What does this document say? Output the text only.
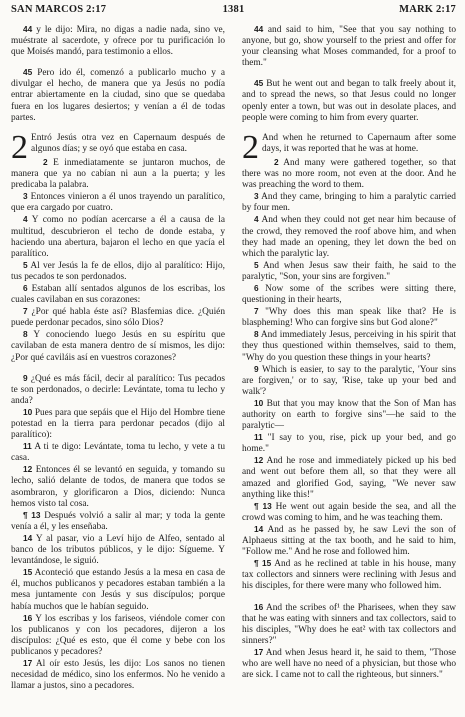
SAN MARCOS 2:17	1381	MARK 2:17

44 y le dijo: Mira, no digas a nadie nada, sino ve, muéstrate al sacerdote, y ofrece por tu purificación lo que Moisés mandó, para testimonio a ellos.

45 Pero ido él, comenzó a publicarlo mucho y a divulgar el hecho, de manera que ya Jesús no podía entrar abiertamente en la ciudad, sino que se quedaba fuera en los lugares desiertos; y venían a él de todas partes.

2 Entró Jesús otra vez en Capernaum después de algunos días; y se oyó que estaba en casa.

2 E inmediatamente se juntaron muchos, de manera que ya no cabían ni aun a la puerta; y les predicaba la palabra.

3 Entonces vinieron a él unos trayendo un paralítico, que era cargado por cuatro.

4 Y como no podían acercarse a él a causa de la multitud, descubrieron el techo de donde estaba, y haciendo una abertura, bajaron el lecho en que yacía el paralítico.

5 Al ver Jesús la fe de ellos, dijo al paralítico: Hijo, tus pecados te son perdonados.

6 Estaban allí sentados algunos de los escribas, los cuales cavilaban en sus corazones:

7 ¿Por qué habla éste así? Blasfemias dice. ¿Quién puede perdonar pecados, sino sólo Dios?

8 Y conociendo luego Jesús en su espíritu que cavilaban de esta manera dentro de sí mismos, les dijo: ¿Por qué caviláis así en vuestros corazones?

9 ¿Qué es más fácil, decir al paralítico: Tus pecados te son perdonados, o decirle: Levántate, toma tu lecho y anda?

10 Pues para que sepáis que el Hijo del Hombre tiene potestad en la tierra para perdonar pecados (dijo al paralítico):

11 A ti te digo: Levántate, toma tu lecho, y vete a tu casa.

12 Entonces él se levantó en seguida, y tomando su lecho, salió delante de todos, de manera que todos se asombraron, y glorificaron a Dios, diciendo: Nunca hemos visto tal cosa.

¶ 13 Después volvió a salir al mar; y toda la gente venía a él, y les enseñaba.

14 Y al pasar, vio a Leví hijo de Alfeo, sentado al banco de los tributos públicos, y le dijo: Sígueme. Y levantándose, le siguió.

15 Aconteció que estando Jesús a la mesa en casa de él, muchos publicanos y pecadores estaban también a la mesa juntamente con Jesús y sus discípulos; porque había muchos que le habían seguido.

16 Y los escribas y los fariseos, viéndole comer con los publicanos y con los pecadores, dijeron a los discípulos: ¿Qué es esto, que él come y bebe con los publicanos y pecadores?

17 Al oír esto Jesús, les dijo: Los sanos no tienen necesidad de médico, sino los enfermos. No he venido a llamar a justos, sino a pecadores.

44 and said to him, "See that you say nothing to anyone, but go, show yourself to the priest and offer for your cleansing what Moses commanded, for a proof to them."

45 But he went out and began to talk freely about it, and to spread the news, so that Jesus could no longer openly enter a town, but was out in desolate places, and people were coming to him from every quarter.

2 And when he returned to Capernaum after some days, it was reported that he was at home.

2 And many were gathered together, so that there was no more room, not even at the door. And he was preaching the word to them.

3 And they came, bringing to him a paralytic carried by four men.

4 And when they could not get near him because of the crowd, they removed the roof above him, and when they had made an opening, they let down the bed on which the paralytic lay.

5 And when Jesus saw their faith, he said to the paralytic, "Son, your sins are forgiven."

6 Now some of the scribes were sitting there, questioning in their hearts,

7 "Why does this man speak like that? He is blaspheming! Who can forgive sins but God alone?"

8 And immediately Jesus, perceiving in his spirit that they thus questioned within themselves, said to them, "Why do you question these things in your hearts?

9 Which is easier, to say to the paralytic, 'Your sins are forgiven,' or to say, 'Rise, take up your bed and walk'?

10 But that you may know that the Son of Man has authority on earth to forgive sins"—he said to the paralytic—

11 "I say to you, rise, pick up your bed, and go home."

12 And he rose and immediately picked up his bed and went out before them all, so that they were all amazed and glorified God, saying, "We never saw anything like this!"

¶ 13 He went out again beside the sea, and all the crowd was coming to him, and he was teaching them.

14 And as he passed by, he saw Levi the son of Alphaeus sitting at the tax booth, and he said to him, "Follow me." And he rose and followed him.

¶ 15 And as he reclined at table in his house, many tax collectors and sinners were reclining with Jesus and his disciples, for there were many who followed him.

16 And the scribes of¹ the Pharisees, when they saw that he was eating with sinners and tax collectors, said to his disciples, "Why does he eat² with tax collectors and sinners?"

17 And when Jesus heard it, he said to them, "Those who are well have no need of a physician, but those who are sick. I came not to call the righteous, but sinners."
